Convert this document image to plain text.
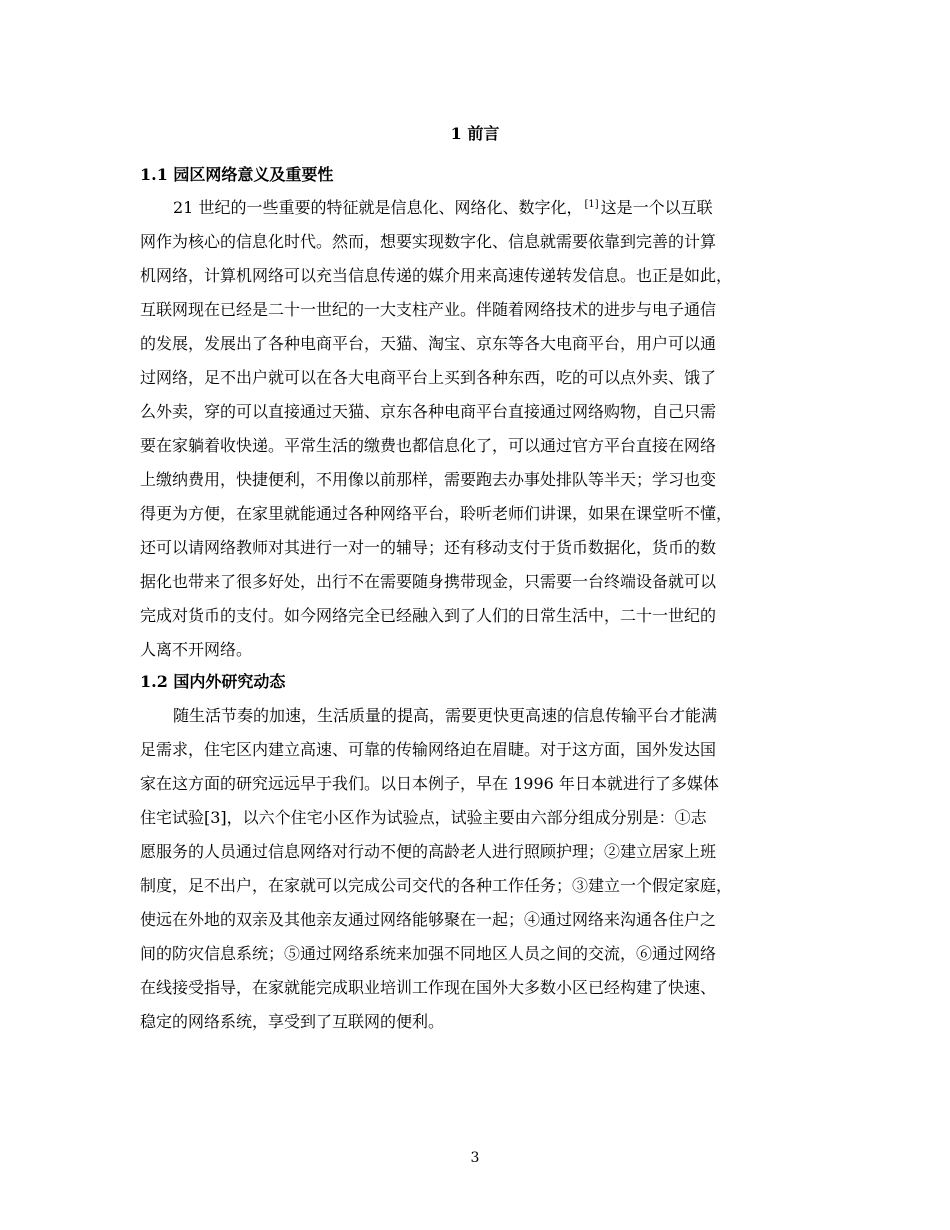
1 前言
1.1 园区网络意义及重要性
21 世纪的一些重要的特征就是信息化、网络化、数字化， [1] 这是一个以互联
网作为核心的信息化时代。然而，想要实现数字化、信息就需要依靠到完善的计算
机网络，计算机网络可以充当信息传递的媒介用来高速传递转发信息。也正是如此，
互联网现在已经是二十一世纪的一大支柱产业。伴随着网络技术的进步与电子通信
的发展，发展出了各种电商平台，天猫、淘宝、京东等各大电商平台，用户可以通
过网络，足不出户就可以在各大电商平台上买到各种东西，吃的可以点外卖、饿了
么外卖，穿的可以直接通过天猫、京东各种电商平台直接通过网络购物，自己只需
要在家躺着收快递。平常生活的缴费也都信息化了，可以通过官方平台直接在网络
上缴纳费用，快捷便利，不用像以前那样，需要跑去办事处排队等半天；学习也变
得更为方便，在家里就能通过各种网络平台，聆听老师们讲课，如果在课堂听不懂，
还可以请网络教师对其进行一对一的辅导；还有移动支付于货币数据化，货币的数
据化也带来了很多好处，出行不在需要随身携带现金，只需要一台终端设备就可以
完成对货币的支付。如今网络完全已经融入到了人们的日常生活中，二十一世纪的
人离不开网络。
1.2 国内外研究动态
随生活节奏的加速，生活质量的提高，需要更快更高速的信息传输平台才能满
足需求，住宅区内建立高速、可靠的传输网络迫在眉睫。对于这方面，国外发达国
家在这方面的研究远远早于我们。以日本例子，早在 1996 年日本就进行了多媒体
住宅试验[3]，以六个住宅小区作为试验点，试验主要由六部分组成分别是：①志
愿服务的人员通过信息网络对行动不便的高龄老人进行照顾护理；②建立居家上班
制度，足不出户，在家就可以完成公司交代的各种工作任务；③建立一个假定家庭，
使远在外地的双亲及其他亲友通过网络能够聚在一起；④通过网络来沟通各住户之
间的防灾信息系统；⑤通过网络系统来加强不同地区人员之间的交流，⑥通过网络
在线接受指导，在家就能完成职业培训工作现在国外大多数小区已经构建了快速、
稳定的网络系统，享受到了互联网的便利。
3
